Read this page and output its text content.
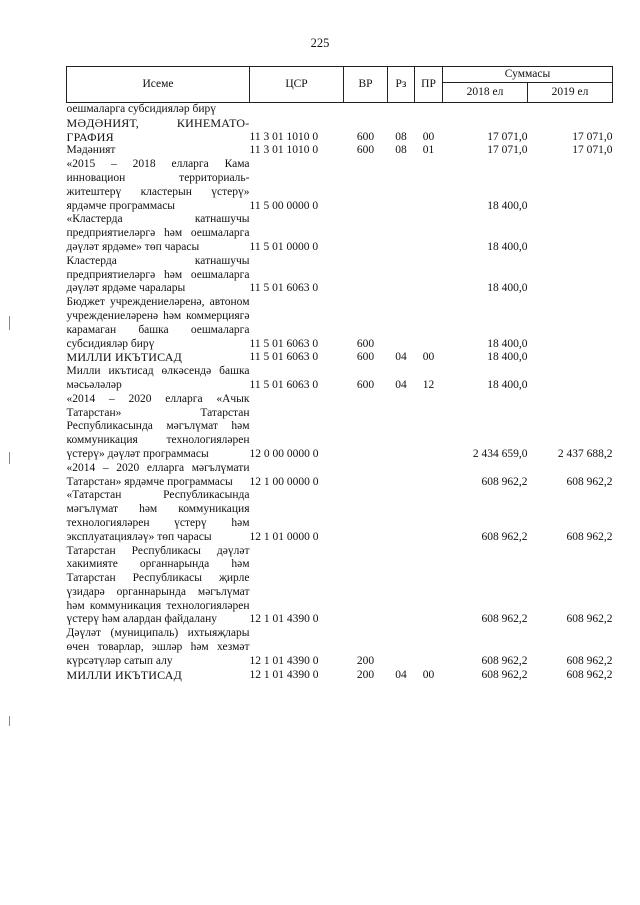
225
Исеме	ЦСР	ВР	Рз	ПР	Суммасы	
					2018 ел	2019 ел
оешмаларга субсидияләр бирү						
МӘДӘНИЯТ, КИНЕМАТО-ГРАФИЯ	11 3 01 1010 0	600	08	00	17 071,0	17 071,0
Мәдәният	11 3 01 1010 0	600	08	01	17 071,0	17 071,0
«2015 – 2018 елларга Кама инновацион территориаль-житештерү кластерын үстерү» ярдәмче программасы	11 5 00 0000 0				18 400,0	
«Кластерда катнашучы предприятиеләргә һәм оешмаларга дәүләт ярдәме» төп чарасы	11 5 01 0000 0				18 400,0	
Кластерда катнашучы предприятиеләргә һәм оешмаларга дәүләт ярдәме чаралары	11 5 01 6063 0				18 400,0	
Бюджет учреждениеләренә, автоном учреждениеләренә һәм коммерциягә карамаган башка оешмаларга субсидияләр бирү	11 5 01 6063 0	600			18 400,0	
МИЛЛИ ИКЪТИСАД	11 5 01 6063 0	600	04	00	18 400,0	
Милли икътисад өлкәсендә башка мәсьәләләр	11 5 01 6063 0	600	04	12	18 400,0	
«2014 – 2020 елларга «Ачык Татарстан» Татарстан Республикасында мәгълүмат һәм коммуникация технологияләрен үстерү» дәүләт программасы	12 0 00 0000 0				2 434 659,0	2 437 688,2
«2014 – 2020 елларга мәгълүмати Татарстан» ярдәмче программасы	12 1 00 0000 0				608 962,2	608 962,2
«Татарстан Республикасында мәгълүмат һәм коммуникация технологияләрен үстерү һәм эксплуатацияләү» төп чарасы	12 1 01 0000 0				608 962,2	608 962,2
Татарстан Республикасы дәүләт хакимияте органнарында һәм Татарстан Республикасы җирле үзидарә органнарында мәгълүмат һәм коммуникация технологияләрен үстерү һәм алардан файдалану	12 1 01 4390 0				608 962,2	608 962,2
Дәүләт (муниципаль) ихтыяҗлары өчен товарлар, эшләр һәм хезмәт күрсәтүләр сатып алу	12 1 01 4390 0	200			608 962,2	608 962,2
МИЛЛИ ИКЪТИСАД	12 1 01 4390 0	200	04	00	608 962,2	608 962,2
